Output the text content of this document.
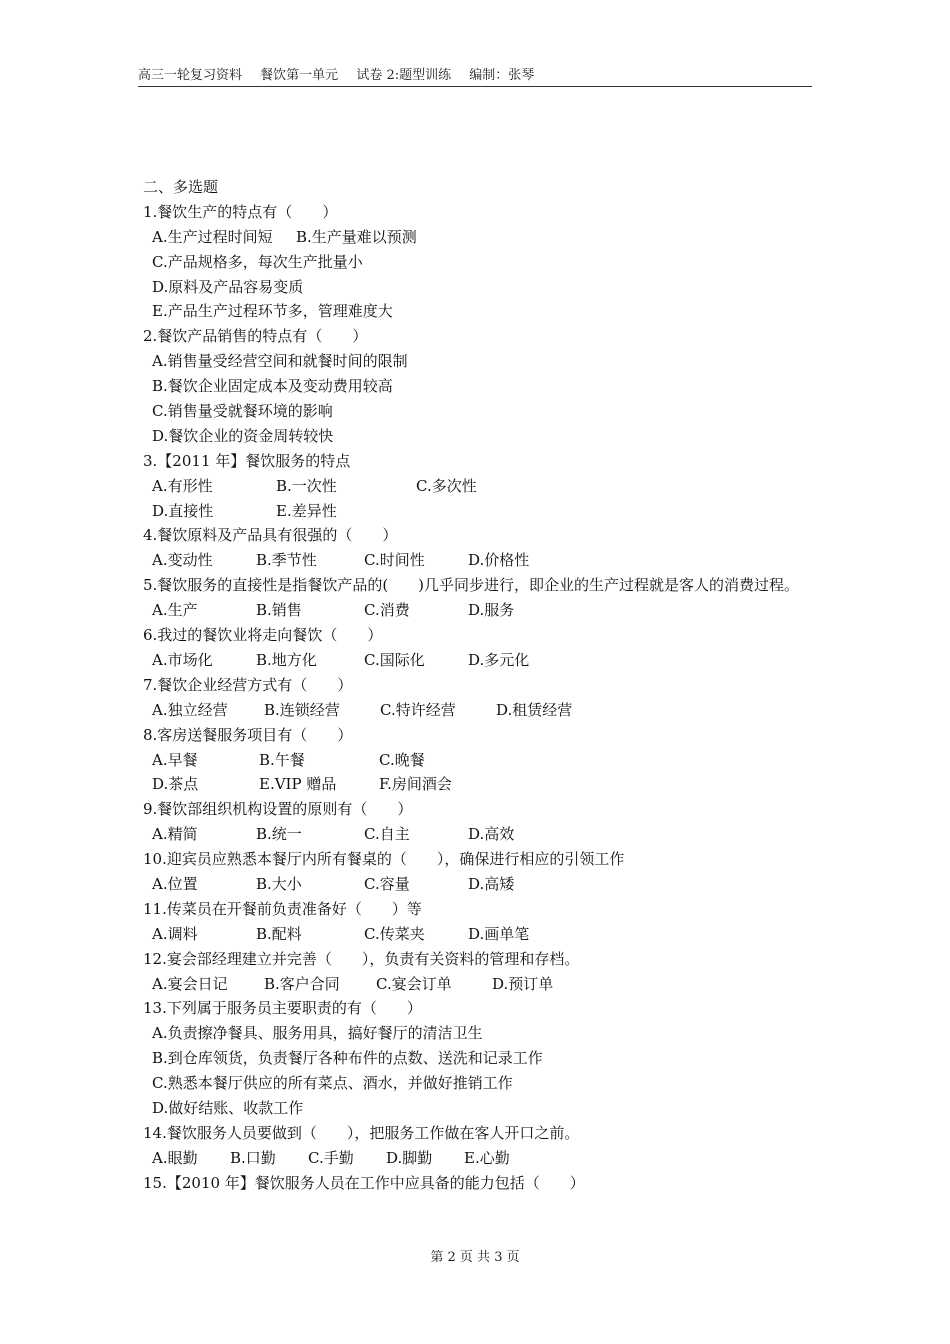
高三一轮复习资料 餐饮第一单元 试卷 2:题型训练 编制：张琴
二、多选题
1.餐饮生产的特点有（　　）
A.生产过程时间短 B.生产量难以预测
C.产品规格多，每次生产批量小
D.原料及产品容易变质
E.产品生产过程环节多，管理难度大
2.餐饮产品销售的特点有（　　）
A.销售量受经营空间和就餐时间的限制
B.餐饮企业固定成本及变动费用较高
C.销售量受就餐环境的影响
D.餐饮企业的资金周转较快
3.【2011 年】餐饮服务的特点
A.有形性	B.一次性	C.多次性
D.直接性	E.差异性
4.餐饮原料及产品具有很强的（　　）
A.变动性	B.季节性	C.时间性	D.价格性
5.餐饮服务的直接性是指餐饮产品的(　　)几乎同步进行，即企业的生产过程就是客人的消费过程。
A.生产	B.销售	C.消费	D.服务
6.我过的餐饮业将走向餐饮（　　）
A.市场化	B.地方化	C.国际化	D.多元化
7.餐饮企业经营方式有（　　）
A.独立经营 B.连锁经营	C.特许经营	D.租赁经营
8.客房送餐服务项目有（　　）
A.早餐	B.午餐	C.晚餐
D.茶点	E.VIP 赠品	F.房间酒会
9.餐饮部组织机构设置的原则有（　　）
A.精简	B.统一	C.自主	D.高效
10.迎宾员应熟悉本餐厅内所有餐桌的（　　），确保进行相应的引领工作
A.位置	B.大小	C.容量	D.高矮
11.传菜员在开餐前负责准备好（　　）等
A.调料	B.配料	C.传菜夹	D.画单笔
12.宴会部经理建立并完善（　　），负责有关资料的管理和存档。
A.宴会日记 B.客户合同 C.宴会订单	D.预订单
13.下列属于服务员主要职责的有（　　）
A.负责擦净餐具、服务用具，搞好餐厅的清洁卫生
B.到仓库领货，负责餐厅各种布件的点数、送洗和记录工作
C.熟悉本餐厅供应的所有菜点、酒水，并做好推销工作
D.做好结账、收款工作
14.餐饮服务人员要做到（　　），把服务工作做在客人开口之前。
A.眼勤 B.口勤 C.手勤 D.脚勤 E.心勤
15.【2010 年】餐饮服务人员在工作中应具备的能力包括（　　）
第 2 页 共 3 页
